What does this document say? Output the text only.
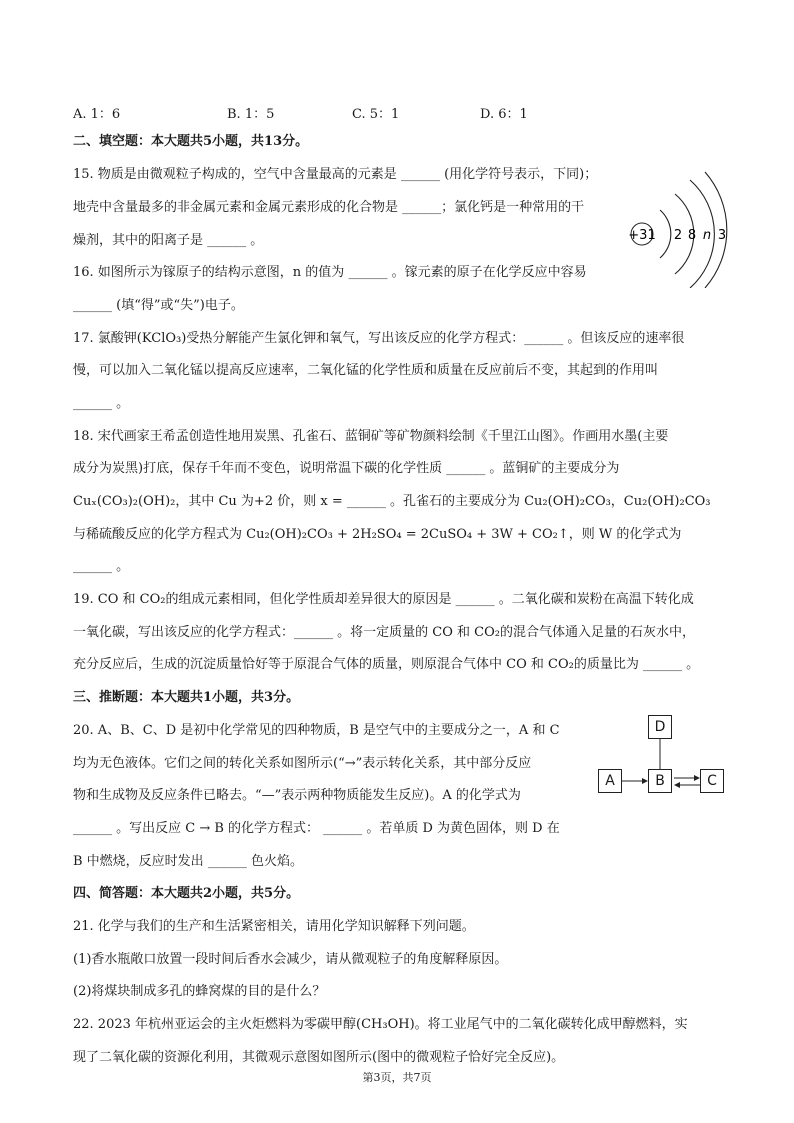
A. 1：6	B. 1：5	C. 5：1	D. 6：1
二、填空题：本大题共5小题，共13分。
15. 物质是由微观粒子构成的，空气中含量最高的元素是 ______ (用化学符号表示，下同)；
地壳中含量最多的非金属元素和金属元素形成的化合物是 ______；氯化钙是一种常用的干
燥剂，其中的阳离子是 ______ 。
16. 如图所示为镓原子的结构示意图，n 的值为 ______ 。镓元素的原子在化学反应中容易
______ (填“得”或“失”)电子。
17. 氯酸钾(KClO₃)受热分解能产生氯化钾和氧气，写出该反应的化学方程式：______ 。但该反应的速率很
慢，可以加入二氧化锰以提高反应速率，二氧化锰的化学性质和质量在反应前后不变，其起到的作用叫
______ 。
18. 宋代画家王希孟创造性地用炭黑、孔雀石、蓝铜矿等矿物颜料绘制《千里江山图》。作画用水墨(主要
成分为炭黑)打底，保存千年而不变色，说明常温下碳的化学性质 ______ 。蓝铜矿的主要成分为
Cuₓ(CO₃)₂(OH)₂，其中 Cu 为+2 价，则 x = ______ 。孔雀石的主要成分为 Cu₂(OH)₂CO₃，Cu₂(OH)₂CO₃
与稀硫酸反应的化学方程式为 Cu₂(OH)₂CO₃ + 2H₂SO₄ = 2CuSO₄ + 3W + CO₂↑，则 W 的化学式为
______ 。
19. CO 和 CO₂的组成元素相同，但化学性质却差异很大的原因是 ______ 。二氧化碳和炭粉在高温下转化成
一氧化碳，写出该反应的化学方程式：______ 。将一定质量的 CO 和 CO₂的混合气体通入足量的石灰水中，
充分反应后，生成的沉淀质量恰好等于原混合气体的质量，则原混合气体中 CO 和 CO₂的质量比为 ______ 。
三、推断题：本大题共1小题，共3分。
20. A、B、C、D 是初中化学常见的四种物质，B 是空气中的主要成分之一，A 和 C
均为无色液体。它们之间的转化关系如图所示(“→”表示转化关系，其中部分反应
物和生成物及反应条件已略去。“—”表示两种物质能发生反应)。A 的化学式为
______ 。写出反应 C → B 的化学方程式： ______ 。若单质 D 为黄色固体，则 D 在
B 中燃烧，反应时发出 ______ 色火焰。
四、简答题：本大题共2小题，共5分。
21. 化学与我们的生产和生活紧密相关，请用化学知识解释下列问题。
(1)香水瓶敞口放置一段时间后香水会减少，请从微观粒子的角度解释原因。
(2)将煤块制成多孔的蜂窝煤的目的是什么？
22. 2023 年杭州亚运会的主火炬燃料为零碳甲醇(CH₃OH)。将工业尾气中的二氧化碳转化成甲醇燃料，实
现了二氧化碳的资源化利用，其微观示意图如图所示(图中的微观粒子恰好完全反应)。
+31 2 8 n 3
A	B	C
D
第3页，共7页
